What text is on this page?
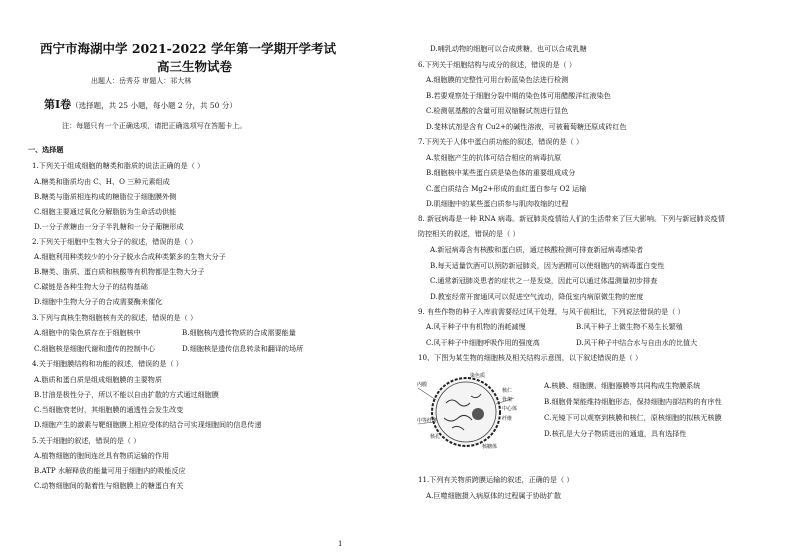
西宁市海湖中学 2021-2022 学年第一学期开学考试
高三生物试卷
出题人：岳秀芬 审题人：祁大林
第Ⅰ卷（选择题，共 25 小题，每小题 2 分，共 50 分）
注：每题只有一个正确选项，请把正确选项写在答题卡上。
一、选择题
1.下列关于组成细胞的糖类和脂质的说法正确的是（ ）
A.糖类和脂质均由 C、H、O 三种元素组成
B.糖类与脂质相连构成的糖脂位于细胞膜外侧
C.细胞主要通过氧化分解脂肪为生命活动供能
D.一分子蔗糖由一分子半乳糖和一分子葡糖形成
2.下列关于细胞中生物大分子的叙述，错误的是（ ）
A.细胞利用种类较少的小分子脱水合成种类繁多的生物大分子
B.糖类、脂质、蛋白质和核酸等有机物都是生物大分子
C.碳链是各种生物大分子的结构基础
D.细胞中生物大分子的合成需要酶来催化
3.下列与真核生物细胞核有关的叙述，错误的是（ ）
A.细胞中的染色质存在于细胞核中	B.细胞核内遗传物质的合成需要能量
C.细胞核是细胞代谢和遗传的控制中心	D.细胞核是遗传信息转录和翻译的场所
4.关于细胞膜结构和功能的叙述，错误的是（ ）
A.脂质和蛋白质是组成细胞膜的主要物质
B.甘油是极性分子，所以不能以自由扩散的方式通过细胞膜
C.当细胞衰老时，其细胞膜的通透性会发生改变
D.细胞产生的激素与靶细胞膜上相应受体的结合可实现细胞间的信息传递
5.关于细胞的叙述，错误的是（ ）
A.植物细胞的胞间连丝具有物质运输的作用
B.ATP 水解释放的能量可用于细胞内的吸能反应
C.动物细胞间的黏着性与细胞膜上的糖蛋白有关
D.哺乳动物的细胞可以合成蔗糖，也可以合成乳糖
6.下列关于细胞结构与成分的叙述，错误的是（ ）
A.细胞膜的完整性可用台盼蓝染色法进行检测
B.若要观察处于细胞分裂中期的染色体可用醋酸洋红液染色
C.检测氨基酸的含量可用双缩脲试剂进行显色
D.斐林试剂是含有 Cu2+的碱性溶液，可被葡萄糖还原成砖红色
7.下列关于人体中蛋白质功能的叙述，错误的是（ ）
A.浆细胞产生的抗体可结合相应的病毒抗原
B.细胞核中某些蛋白质是染色体的重要组成成分
C.蛋白质结合 Mg2+形成的血红蛋白参与 O2 运输
D.肌细胞中的某些蛋白质参与肌肉收缩的过程
8. 新冠病毒是一种 RNA 病毒。新冠肺炎疫情给人们的生活带来了巨大影响。下列与新冠肺炎疫情
防控相关的叙述，错误的是（ ）
A.新冠病毒含有核酸和蛋白质，通过核酸检测可排查新冠病毒感染者
B.每天适量饮酒可以预防新冠肺炎，因为酒精可以使细胞内的病毒蛋白变性
C.通常新冠肺炎患者的症状之一是发烧，因此可以通过体温测量初步排查
D.教室经常开窗通风可以促进空气流动，降低室内病原微生物的密度
9. 有些作物的种子入库前需要经过风干处理，与风干前相比，下列说法错误的是（ ）
A.风干种子中有机物的消耗减慢	B.风干种子上微生物不易生长繁殖
C.风干种子中细胞呼吸作用的强度高	D.风干种子中结合水与自由水的比值大
10、下图为某生物的细胞核及相关结构示意图，以下叙述错误的是（ ）
A.核膜、细胞膜、细胞器膜等共同构成生物膜系统
B.细胞骨架能维持细胞形态，保持细胞内部结构的有序性
C.光镜下可以观察到核膜和核仁，原核细胞的拟核无核膜
D.核孔是大分子物质进出的通道，具有选择性
11.下列有关物质跨膜运输的叙述，正确的是（ ）
A.巨噬细胞摄入病原体的过程属于协助扩散
染色质
内膜
核仁
骨架
中心体
纤维
中等纤维
核孔
核糖体
1
